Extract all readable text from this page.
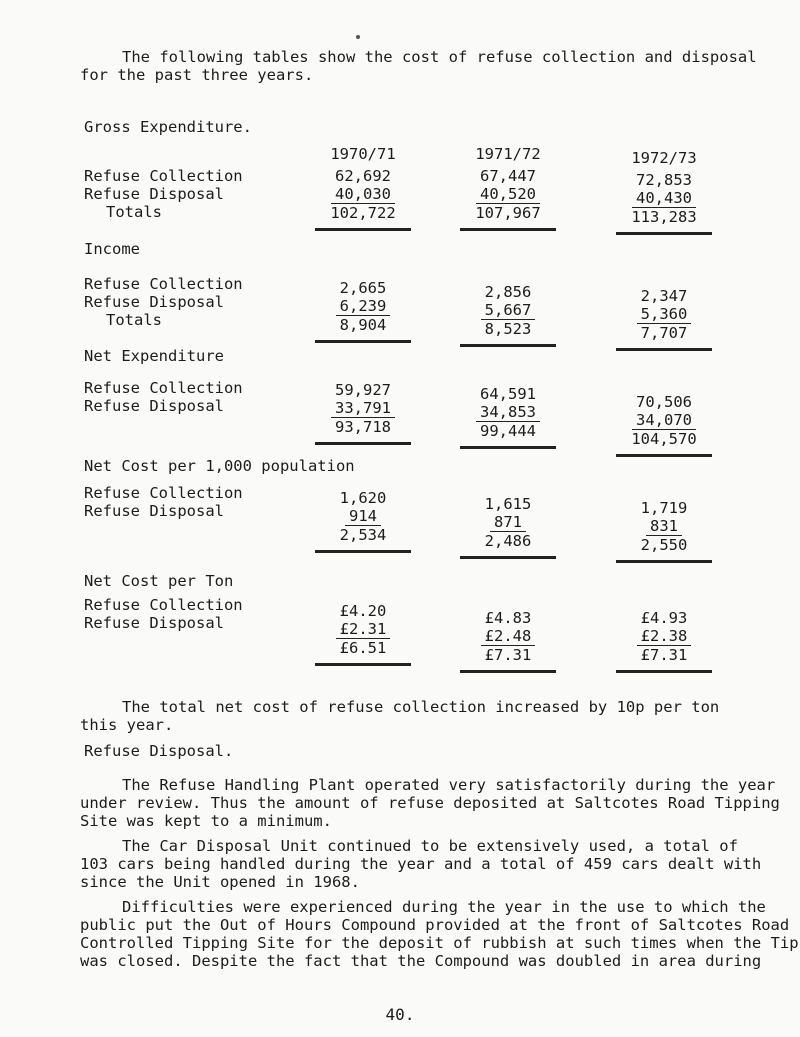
The following tables show the cost of refuse collection and disposal
for the past three years.
Gross Expenditure.
1970/71	1971/72	1972/73
Refuse Collection
Refuse Disposal
Totals
62,692
40,030
102,722
67,447
40,520
107,967
72,853
40,430
113,283
Income
Refuse Collection
Refuse Disposal
Totals
2,665
6,239
8,904
2,856
5,667
8,523
2,347
5,360
7,707
Net Expenditure
Refuse Collection
Refuse Disposal
59,927
33,791
93,718
64,591
34,853
99,444
70,506
34,070
104,570
Net Cost per 1,000 population
Refuse Collection
Refuse Disposal
1,620
914
2,534
1,615
871
2,486
1,719
831
2,550
Net Cost per Ton
Refuse Collection
Refuse Disposal
£4.20
£2.31
£6.51
£4.83
£2.48
£7.31
£4.93
£2.38
£7.31
The total net cost of refuse collection increased by 10p per ton
this year.
Refuse Disposal.
The Refuse Handling Plant operated very satisfactorily during the year
under review. Thus the amount of refuse deposited at Saltcotes Road Tipping
Site was kept to a minimum.
The Car Disposal Unit continued to be extensively used, a total of
103 cars being handled during the year and a total of 459 cars dealt with
since the Unit opened in 1968.
Difficulties were experienced during the year in the use to which the
public put the Out of Hours Compound provided at the front of Saltcotes Road
Controlled Tipping Site for the deposit of rubbish at such times when the Tip
was closed. Despite the fact that the Compound was doubled in area during
40.
